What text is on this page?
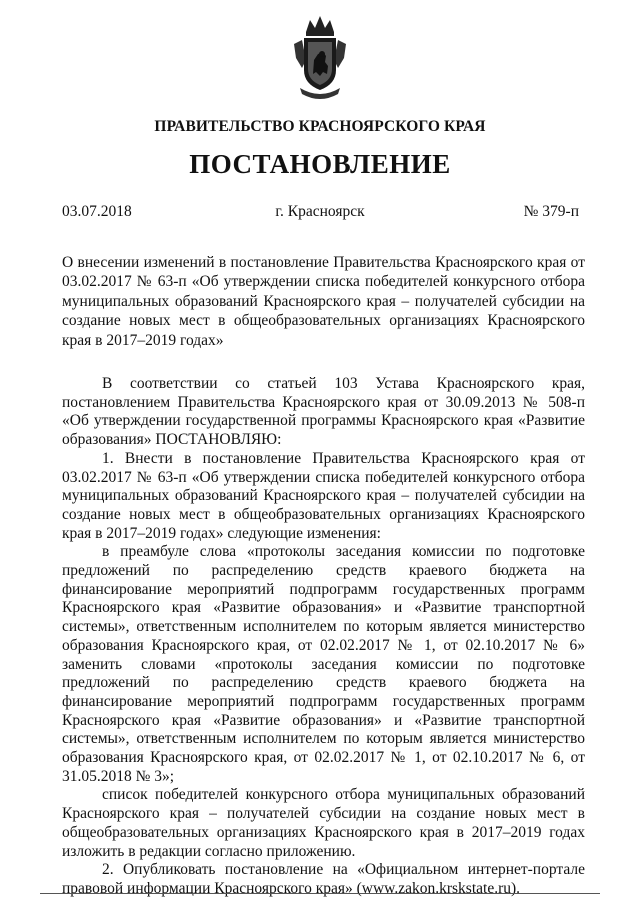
ПРАВИТЕЛЬСТВО КРАСНОЯРСКОГО КРАЯ
ПОСТАНОВЛЕНИЕ
03.07.2018	г. Красноярск	№ 379-п
О внесении изменений в постановление Правительства Красноярского края от 03.02.2017 № 63-п «Об утверждении списка победителей конкурсного отбора муниципальных образований Красноярского края – получателей субсидии на создание новых мест в общеобразовательных организациях Красноярского края в 2017–2019 годах»

В соответствии со статьей 103 Устава Красноярского края, постановлением Правительства Красноярского края от 30.09.2013 № 508-п «Об утверждении государственной программы Красноярского края «Развитие образования» ПОСТАНОВЛЯЮ:

1. Внести в постановление Правительства Красноярского края от 03.02.2017 № 63-п «Об утверждении списка победителей конкурсного отбора муниципальных образований Красноярского края – получателей субсидии на создание новых мест в общеобразовательных организациях Красноярского края в 2017–2019 годах» следующие изменения:

в преамбуле слова «протоколы заседания комиссии по подготовке предложений по распределению средств краевого бюджета на финансирование мероприятий подпрограмм государственных программ Красноярского края «Развитие образования» и «Развитие транспортной системы», ответственным исполнителем по которым является министерство образования Красноярского края, от 02.02.2017 № 1, от 02.10.2017 № 6» заменить словами «протоколы заседания комиссии по подготовке предложений по распределению средств краевого бюджета на финансирование мероприятий подпрограмм государственных программ Красноярского края «Развитие образования» и «Развитие транспортной системы», ответственным исполнителем по которым является министерство образования Красноярского края, от 02.02.2017 № 1, от 02.10.2017 № 6, от 31.05.2018 № 3»;

список победителей конкурсного отбора муниципальных образований Красноярского края – получателей субсидии на создание новых мест в общеобразовательных организациях Красноярского края в 2017–2019 годах изложить в редакции согласно приложению.

2. Опубликовать постановление на «Официальном интернет-портале правовой информации Красноярского края» (www.zakon.krskstate.ru).
